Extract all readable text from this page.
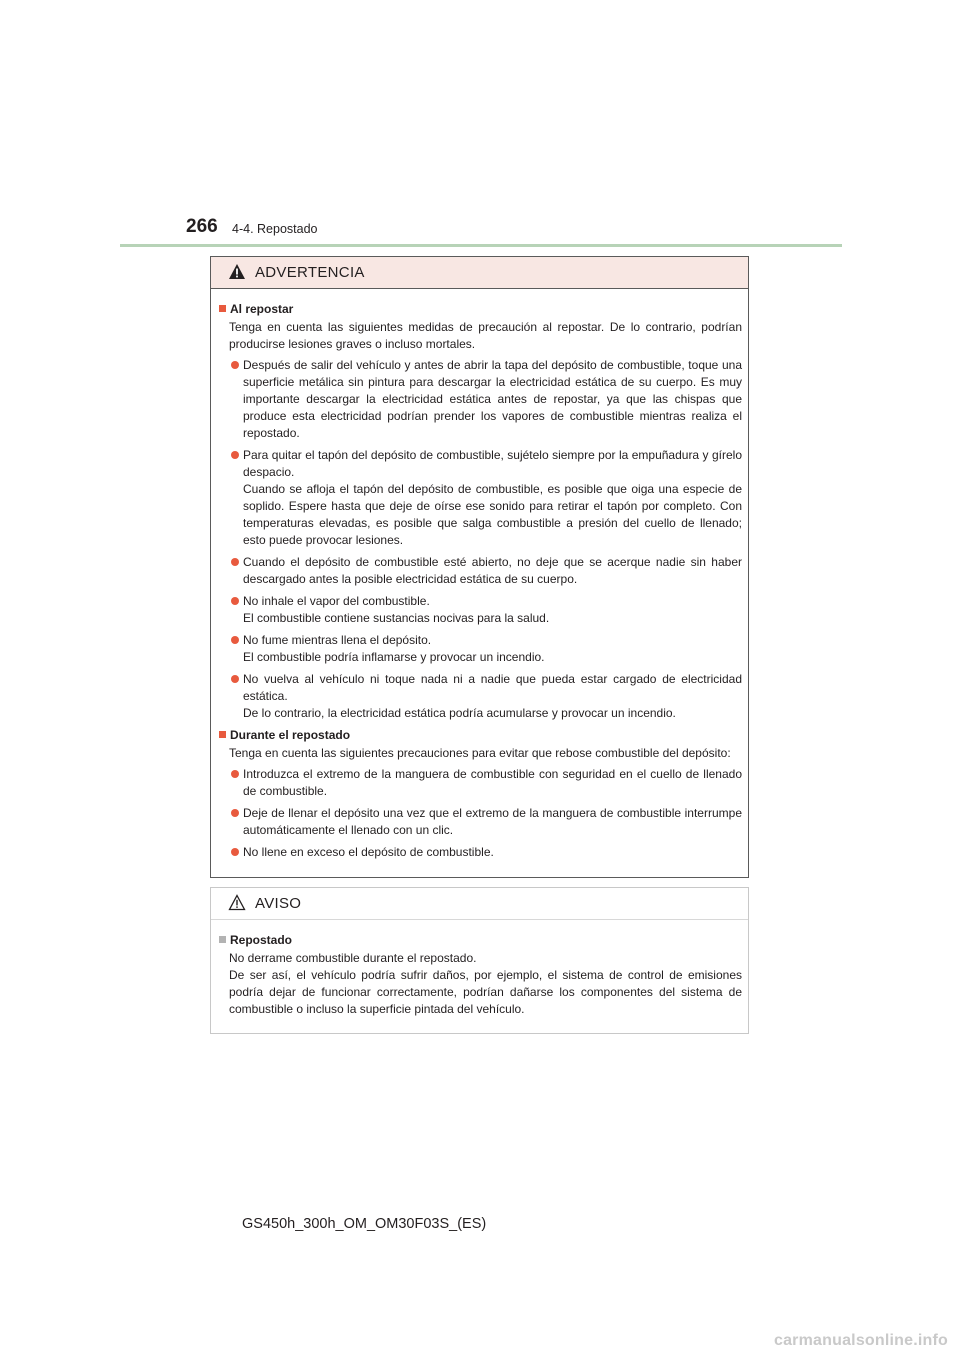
266 4-4. Repostado
ADVERTENCIA
Al repostar
Tenga en cuenta las siguientes medidas de precaución al repostar. De lo contrario, podrían producirse lesiones graves o incluso mortales.
Después de salir del vehículo y antes de abrir la tapa del depósito de combustible, toque una superficie metálica sin pintura para descargar la electricidad estática de su cuerpo. Es muy importante descargar la electricidad estática antes de repostar, ya que las chispas que produce esta electricidad podrían prender los vapores de combustible mientras realiza el repostado.
Para quitar el tapón del depósito de combustible, sujételo siempre por la empuñadura y gírelo despacio.
Cuando se afloja el tapón del depósito de combustible, es posible que oiga una especie de soplido. Espere hasta que deje de oírse ese sonido para retirar el tapón por completo. Con temperaturas elevadas, es posible que salga combustible a presión del cuello de llenado; esto puede provocar lesiones.
Cuando el depósito de combustible esté abierto, no deje que se acerque nadie sin haber descargado antes la posible electricidad estática de su cuerpo.
No inhale el vapor del combustible.
El combustible contiene sustancias nocivas para la salud.
No fume mientras llena el depósito.
El combustible podría inflamarse y provocar un incendio.
No vuelva al vehículo ni toque nada ni a nadie que pueda estar cargado de electricidad estática.
De lo contrario, la electricidad estática podría acumularse y provocar un incendio.
Durante el repostado
Tenga en cuenta las siguientes precauciones para evitar que rebose combustible del depósito:
Introduzca el extremo de la manguera de combustible con seguridad en el cuello de llenado de combustible.
Deje de llenar el depósito una vez que el extremo de la manguera de combustible interrumpe automáticamente el llenado con un clic.
No llene en exceso el depósito de combustible.
AVISO
Repostado
No derrame combustible durante el repostado.
De ser así, el vehículo podría sufrir daños, por ejemplo, el sistema de control de emisiones podría dejar de funcionar correctamente, podrían dañarse los componentes del sistema de combustible o incluso la superficie pintada del vehículo.
GS450h_300h_OM_OM30F03S_(ES)
carmanualsonline.info
